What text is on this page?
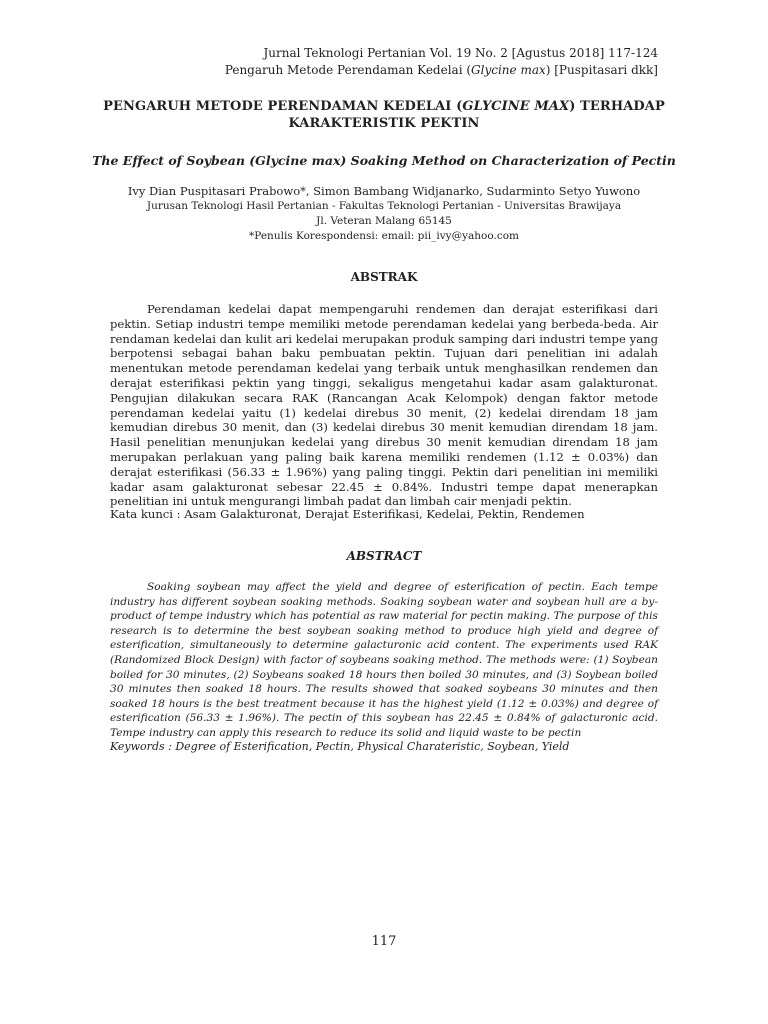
Jurnal Teknologi Pertanian Vol. 19 No. 2 [Agustus 2018] 117-124
Pengaruh Metode Perendaman Kedelai (Glycine max) [Puspitasari dkk]
PENGARUH METODE PERENDAMAN KEDELAI (GLYCINE MAX) TERHADAP
KARAKTERISTIK PEKTIN
The Effect of Soybean (Glycine max) Soaking Method on Characterization of Pectin
Ivy Dian Puspitasari Prabowo*, Simon Bambang Widjanarko, Sudarminto Setyo Yuwono
Jurusan Teknologi Hasil Pertanian - Fakultas Teknologi Pertanian - Universitas Brawijaya
Jl. Veteran Malang 65145
*Penulis Korespondensi: email: pii_ivy@yahoo.com
ABSTRAK

Perendaman kedelai dapat mempengaruhi rendemen dan derajat esterifikasi dari pektin. Setiap industri tempe memiliki metode perendaman kedelai yang berbeda-beda. Air rendaman kedelai dan kulit ari kedelai merupakan produk samping dari industri tempe yang berpotensi sebagai bahan baku pembuatan pektin. Tujuan dari penelitian ini adalah menentukan metode perendaman kedelai yang terbaik untuk menghasilkan rendemen dan derajat esterifikasi pektin yang tinggi, sekaligus mengetahui kadar asam galakturonat. Pengujian dilakukan secara RAK (Rancangan Acak Kelompok) dengan faktor metode perendaman kedelai yaitu (1) kedelai direbus 30 menit, (2) kedelai direndam 18 jam kemudian direbus 30 menit, dan (3) kedelai direbus 30 menit kemudian direndam 18 jam. Hasil penelitian menunjukan kedelai yang direbus 30 menit kemudian direndam 18 jam merupakan perlakuan yang paling baik karena memiliki rendemen (1.12 ± 0.03%) dan derajat esterifikasi (56.33 ± 1.96%) yang paling tinggi. Pektin dari penelitian ini memiliki kadar asam galakturonat sebesar 22.45 ± 0.84%. Industri tempe dapat menerapkan penelitian ini untuk mengurangi limbah padat dan limbah cair menjadi pektin.

Kata kunci : Asam Galakturonat, Derajat Esterifikasi, Kedelai, Pektin, Rendemen
ABSTRACT

Soaking soybean may affect the yield and degree of esterification of pectin. Each tempe industry has different soybean soaking methods. Soaking soybean water and soybean hull are a by-product of tempe industry which has potential as raw material for pectin making. The purpose of this research is to determine the best soybean soaking method to produce high yield and degree of esterification, simultaneously to determine galacturonic acid content. The experiments used RAK (Randomized Block Design) with factor of soybeans soaking method. The methods were: (1) Soybean boiled for 30 minutes, (2) Soybeans soaked 18 hours then boiled 30 minutes, and (3) Soybean boiled 30 minutes then soaked 18 hours. The results showed that soaked soybeans 30 minutes and then soaked 18 hours is the best treatment because it has the highest yield (1.12 ± 0.03%) and degree of esterification (56.33 ± 1.96%). The pectin of this soybean has 22.45 ± 0.84% of galacturonic acid. Tempe industry can apply this research to reduce its solid and liquid waste to be pectin

Keywords : Degree of Esterification, Pectin, Physical Charateristic, Soybean, Yield
117
